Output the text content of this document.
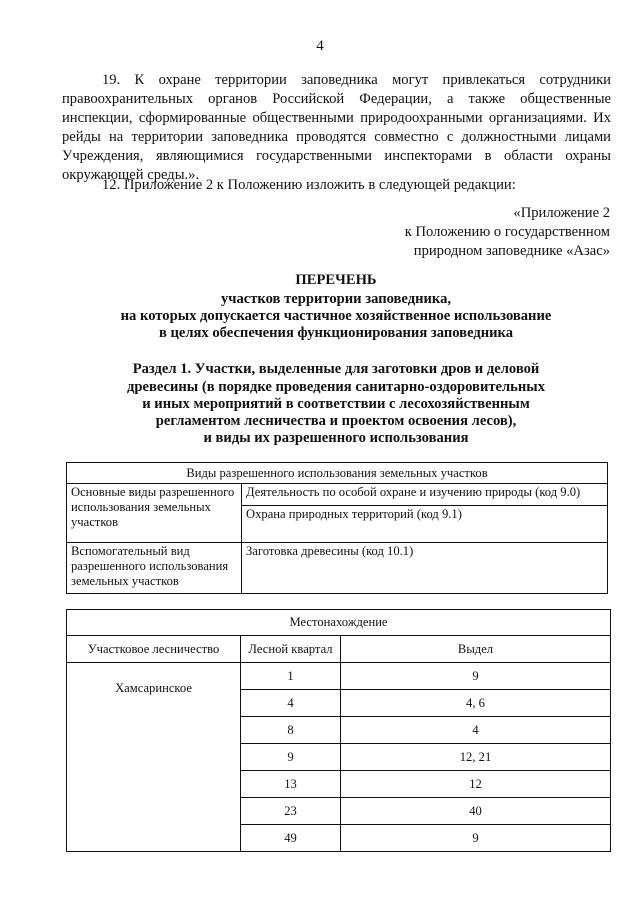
4
19. К охране территории заповедника могут привлекаться сотрудники правоохранительных органов Российской Федерации, а также общественные инспекции, сформированные общественными природоохранными организациями. Их рейды на территории заповедника проводятся совместно с должностными лицами Учреждения, являющимися государственными инспекторами в области охраны окружающей среды.».
12. Приложение 2 к Положению изложить в следующей редакции:
«Приложение 2
к Положению о государственном
природном заповеднике «Азас»
ПЕРЕЧЕНЬ
участков территории заповедника,
на которых допускается частичное хозяйственное использование
в целях обеспечения функционирования заповедника
Раздел 1. Участки, выделенные для заготовки дров и деловой
древесины (в порядке проведения санитарно-оздоровительных
и иных мероприятий в соответствии с лесохозяйственным
регламентом лесничества и проектом освоения лесов),
и виды их разрешенного использования
Виды разрешенного использования земельных участков	
Основные виды разрешенного использования земельных участков	Деятельность по особой охране и изучению природы (код 9.0)
	Охрана природных территорий (код 9.1)
Вспомогательный вид разрешенного использования земельных участков	Заготовка древесины (код 10.1)
Местонахождение		
Участковое лесничество	Лесной квартал	Выдел
Хамсаринское	1	9
	4	4, 6
	8	4
	9	12, 21
	13	12
	23	40
	49	9
